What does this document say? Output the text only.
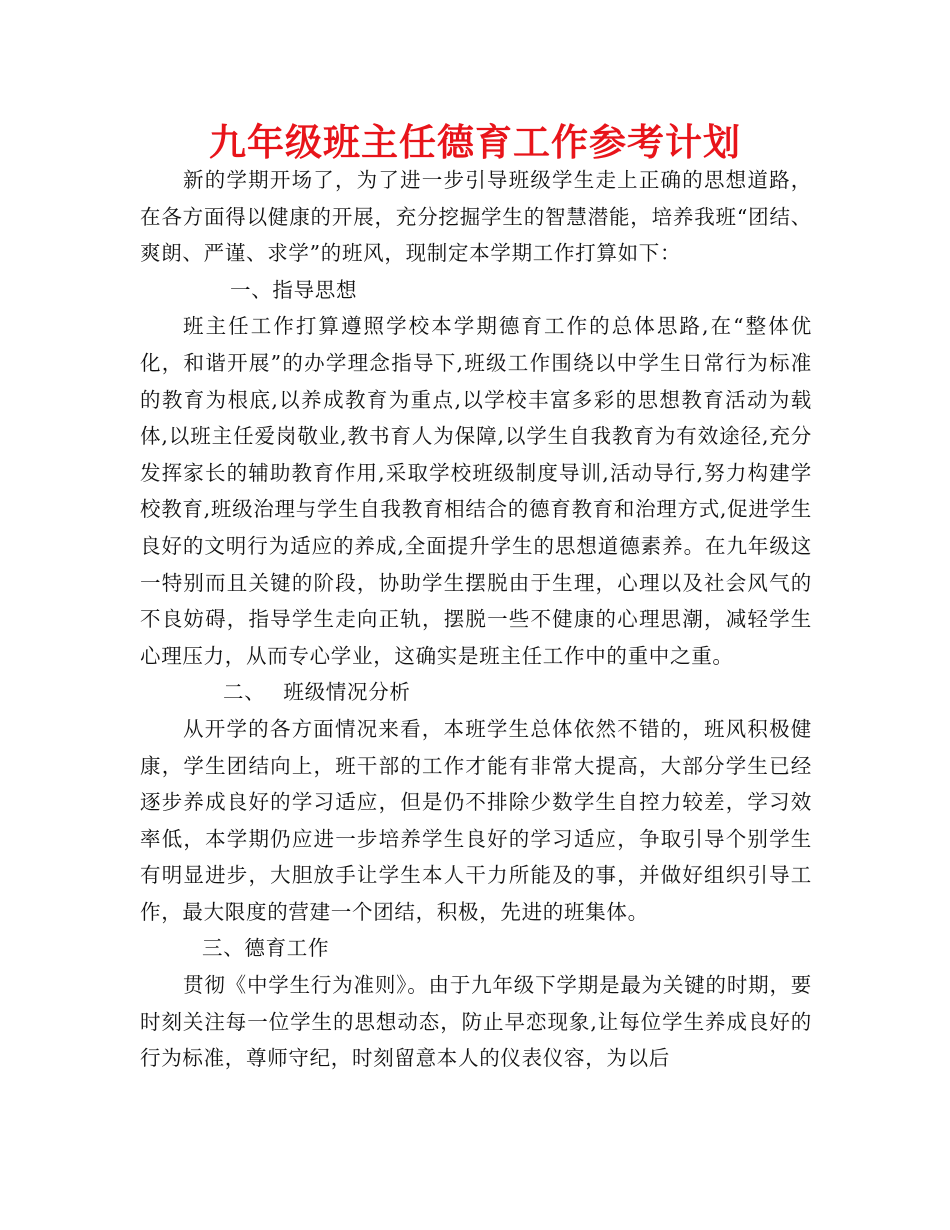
九年级班主任德育工作参考计划

新的学期开场了，为了进一步引导班级学生走上正确的思想道路，在各方面得以健康的开展，充分挖掘学生的智慧潜能，培养我班“团结、爽朗、严谨、求学”的班风，现制定本学期工作打算如下：

一、指导思想

班主任工作打算遵照学校本学期德育工作的总体思路,在“整体优化，和谐开展”的办学理念指导下,班级工作围绕以中学生日常行为标准的教育为根底,以养成教育为重点,以学校丰富多彩的思想教育活动为载体,以班主任爱岗敬业,教书育人为保障,以学生自我教育为有效途径,充分发挥家长的辅助教育作用,采取学校班级制度导训,活动导行,努力构建学校教育,班级治理与学生自我教育相结合的德育教育和治理方式,促进学生良好的文明行为适应的养成,全面提升学生的思想道德素养。在九年级这一特别而且关键的阶段，协助学生摆脱由于生理，心理以及社会风气的不良妨碍，指导学生走向正轨，摆脱一些不健康的心理思潮，减轻学生心理压力，从而专心学业，这确实是班主任工作中的重中之重。

二、 班级情况分析

从开学的各方面情况来看，本班学生总体依然不错的，班风积极健康，学生团结向上，班干部的工作才能有非常大提高，大部分学生已经逐步养成良好的学习适应，但是仍不排除少数学生自控力较差，学习效率低，本学期仍应进一步培养学生良好的学习适应，争取引导个别学生有明显进步，大胆放手让学生本人干力所能及的事，并做好组织引导工作，最大限度的营建一个团结，积极，先进的班集体。

三、德育工作

贯彻《中学生行为准则》。由于九年级下学期是最为关键的时期，要时刻关注每一位学生的思想动态，防止早恋现象,让每位学生养成良好的行为标准，尊师守纪，时刻留意本人的仪表仪容，为以后
